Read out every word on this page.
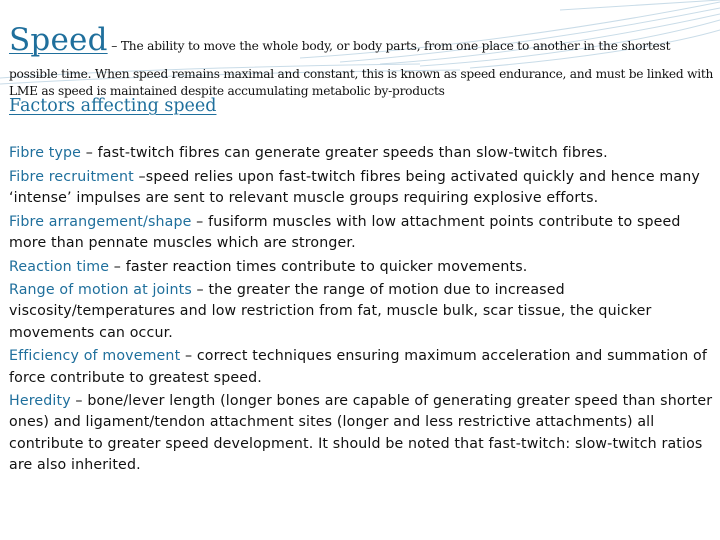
Speed – The ability to move the whole body, or body parts, from one place to another in the shortest
possible time. When speed remains maximal and constant, this is known as speed endurance, and must be linked with LME as speed is maintained despite accumulating metabolic by-products
Factors affecting speed
Fibre type – fast-twitch fibres can generate greater speeds than slow-twitch fibres.
Fibre recruitment –speed relies upon fast-twitch fibres being activated quickly and hence many ‘intense’ impulses are sent to relevant muscle groups requiring explosive efforts.
Fibre arrangement/shape – fusiform muscles with low attachment points contribute to speed more than pennate muscles which are stronger.
Reaction time – faster reaction times contribute to quicker movements.
Range of motion at joints – the greater the range of motion due to increased viscosity/temperatures and low restriction from fat, muscle bulk, scar tissue, the quicker movements can occur.
Efficiency of movement – correct techniques ensuring maximum acceleration and summation of force contribute to greatest speed.
Heredity – bone/lever length (longer bones are capable of generating greater speed than shorter ones) and ligament/tendon attachment sites (longer and less restrictive attachments) all contribute to greater speed development. It should be noted that fast-twitch: slow-twitch ratios are also inherited.
